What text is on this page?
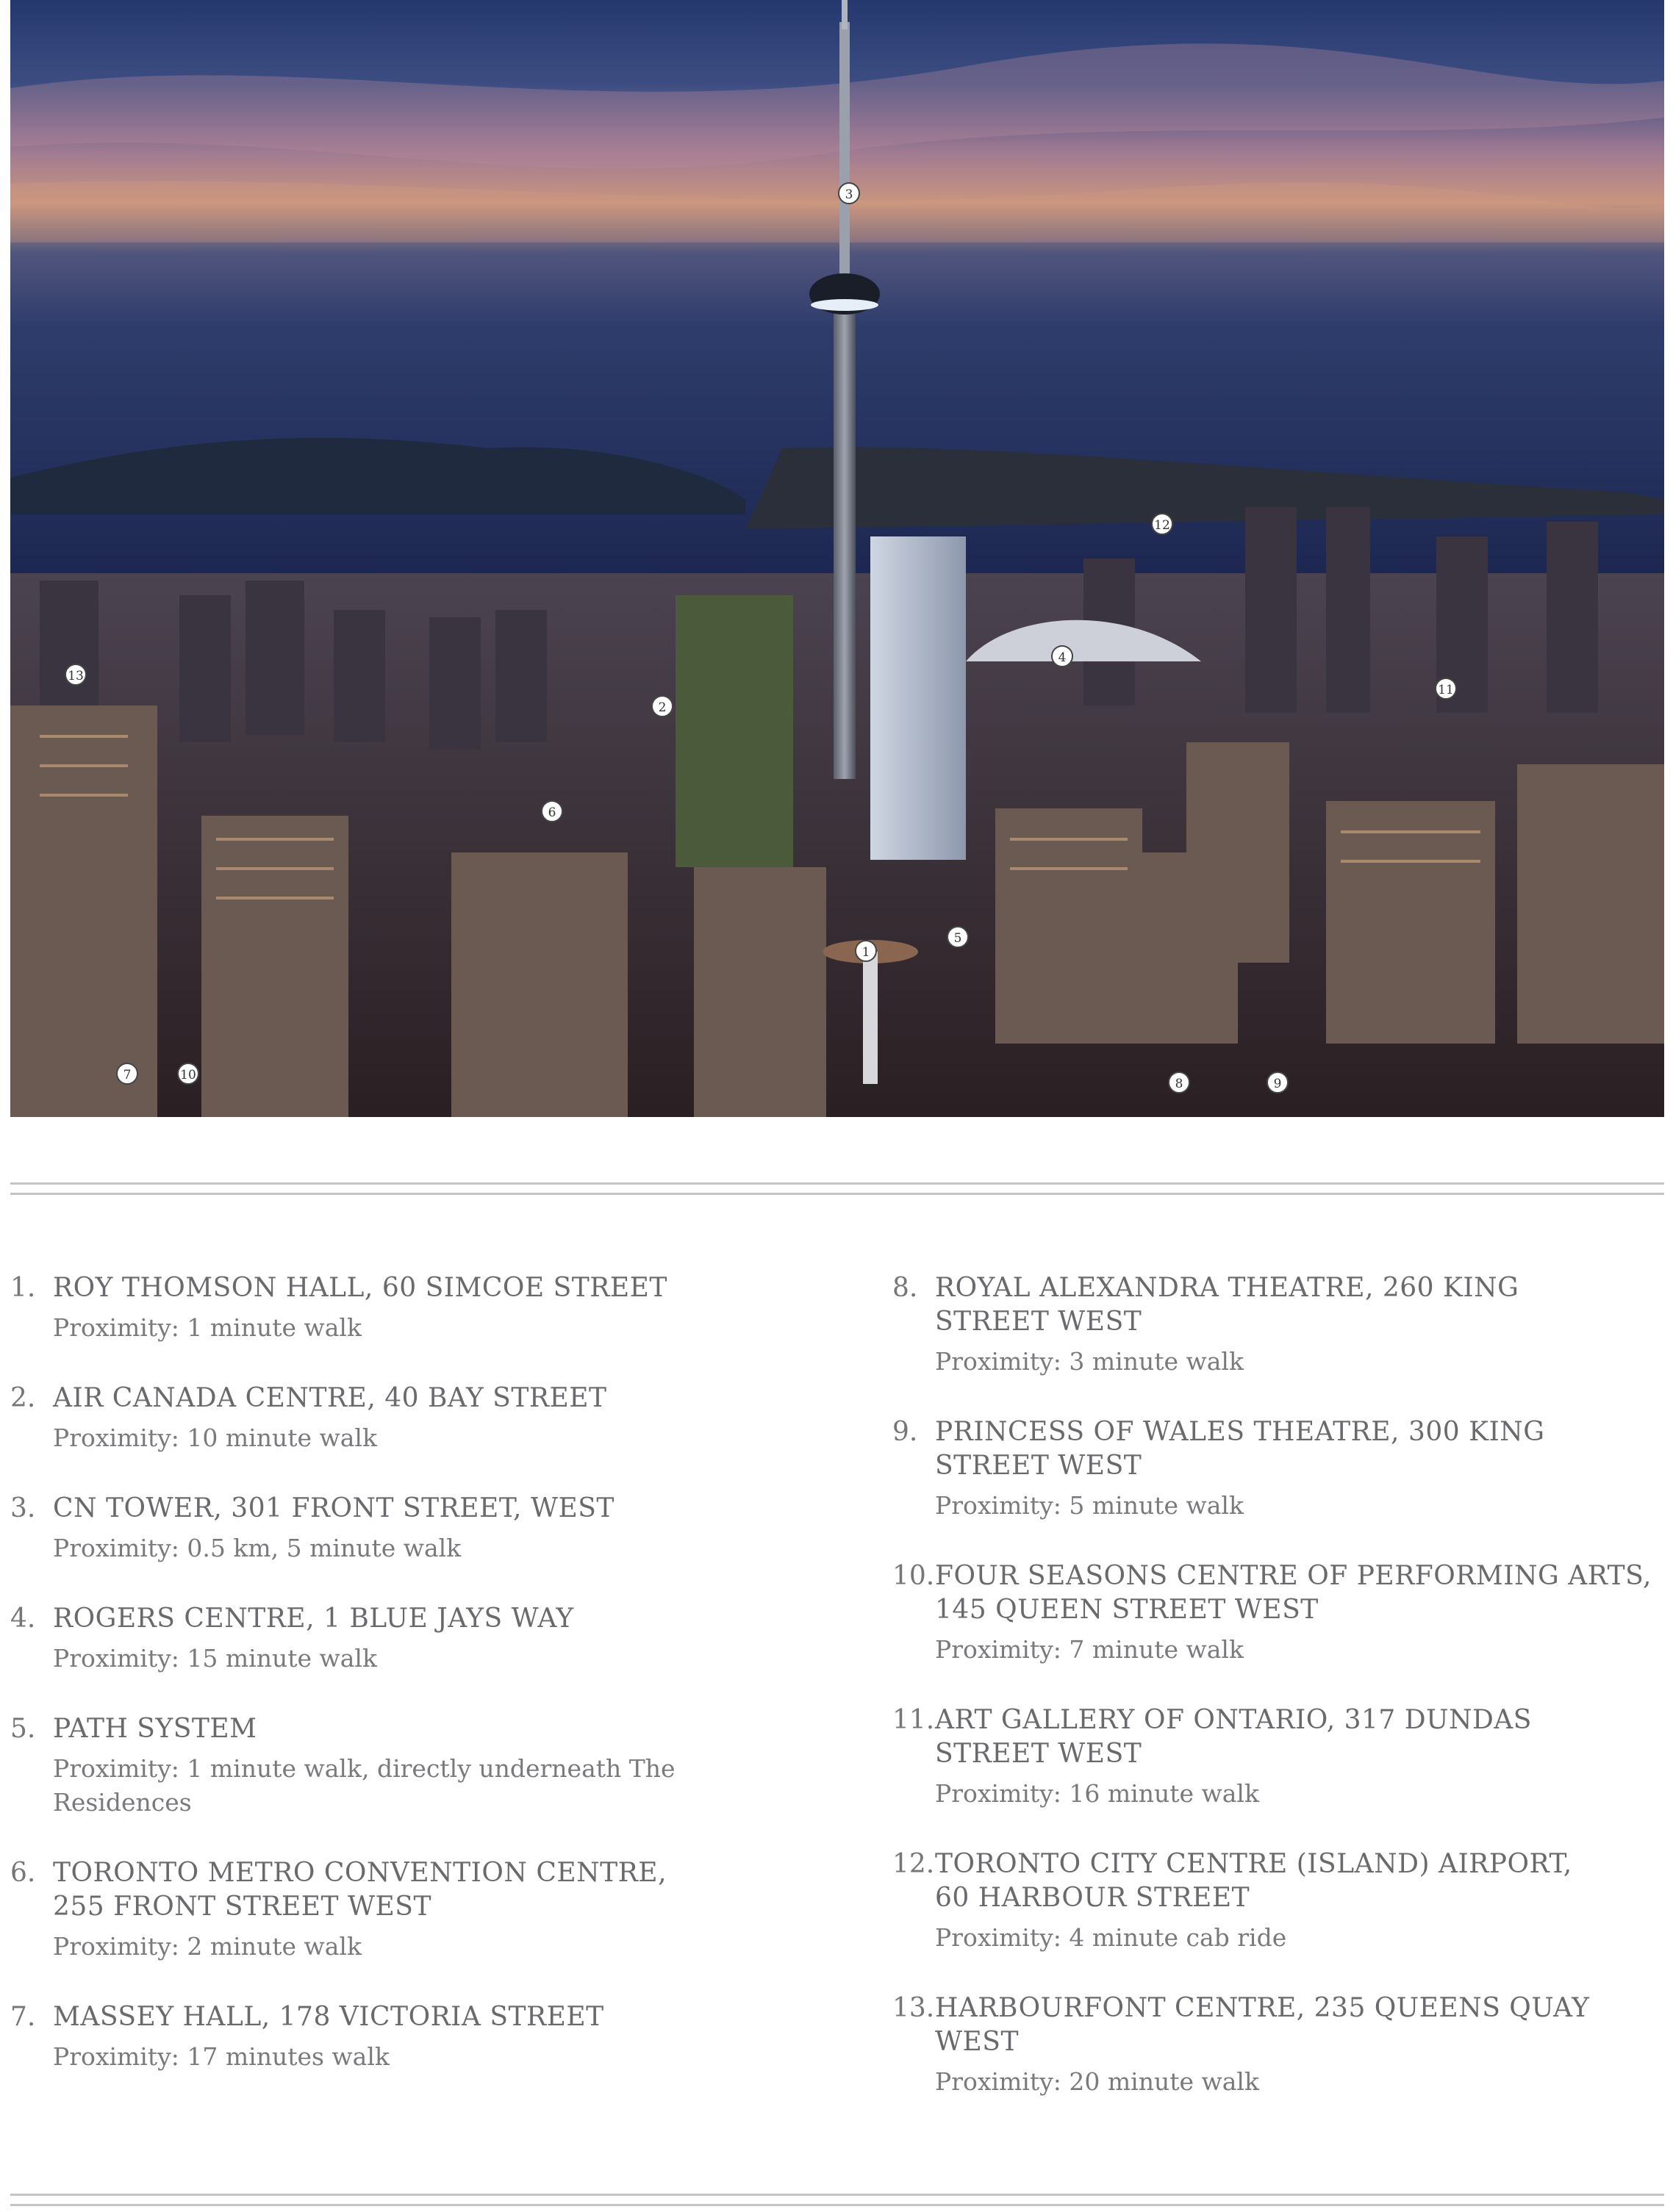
3
12
4
2
13
11
6
5
1
7	10
8	9
1. ROY THOMSON HALL, 60 SIMCOE STREET
Proximity: 1 minute walk
2. AIR CANADA CENTRE, 40 BAY STREET
Proximity: 10 minute walk
3. CN TOWER, 301 FRONT STREET, WEST
Proximity: 0.5 km, 5 minute walk
4. ROGERS CENTRE, 1 BLUE JAYS WAY
Proximity: 15 minute walk
5. PATH SYSTEM
Proximity: 1 minute walk, directly underneath The Residences
6. TORONTO METRO CONVENTION CENTRE,
255 FRONT STREET WEST
Proximity: 2 minute walk
7. MASSEY HALL, 178 VICTORIA STREET
Proximity: 17 minutes walk
8. ROYAL ALEXANDRA THEATRE, 260 KING
STREET WEST
Proximity: 3 minute walk
9. PRINCESS OF WALES THEATRE, 300 KING
STREET WEST
Proximity: 5 minute walk
10. FOUR SEASONS CENTRE OF PERFORMING ARTS,
145 QUEEN STREET WEST
Proximity: 7 minute walk
11. ART GALLERY OF ONTARIO, 317 DUNDAS
STREET WEST
Proximity: 16 minute walk
12. TORONTO CITY CENTRE (ISLAND) AIRPORT,
60 HARBOUR STREET
Proximity: 4 minute cab ride
13. HARBOURFONT CENTRE, 235 QUEENS QUAY WEST
Proximity: 20 minute walk
